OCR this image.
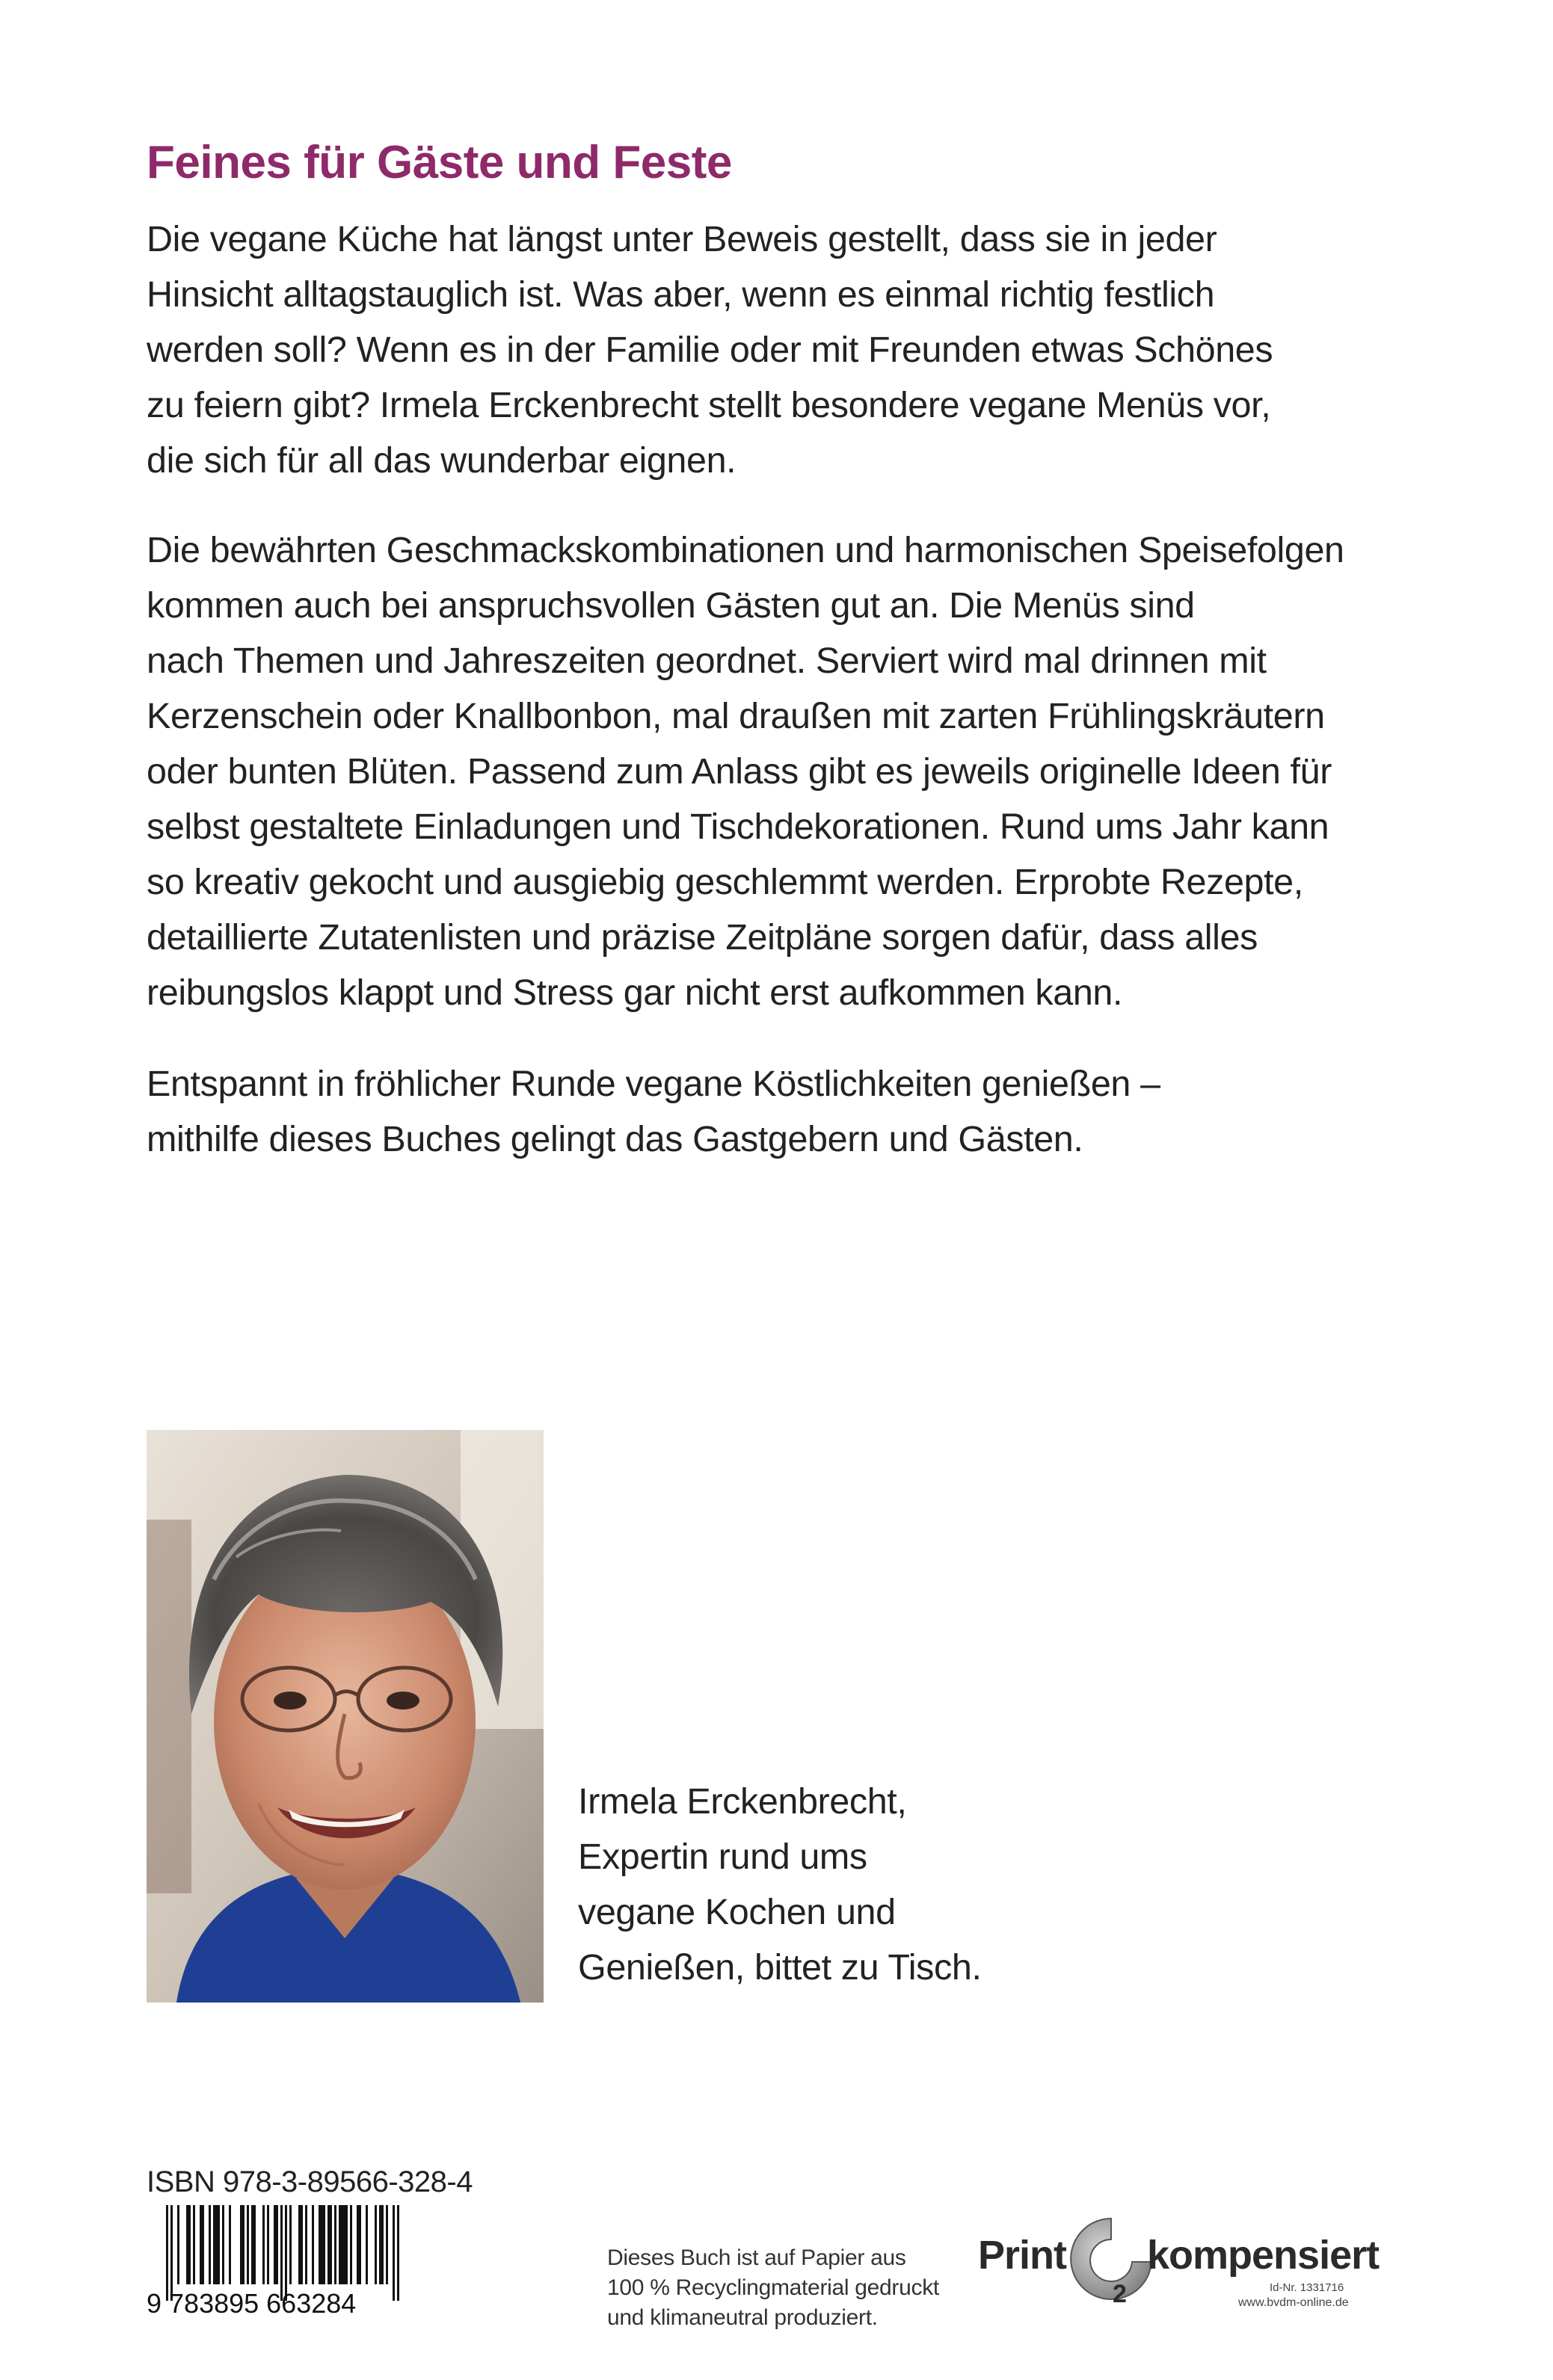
Feines für Gäste und Feste

Die vegane Küche hat längst unter Beweis gestellt, dass sie in jeder
Hinsicht alltagstauglich ist. Was aber, wenn es einmal richtig festlich
werden soll? Wenn es in der Familie oder mit Freunden etwas Schönes
zu feiern gibt? Irmela Erckenbrecht stellt besondere vegane Menüs vor,
die sich für all das wunderbar eignen.

Die bewährten Geschmackskombinationen und harmonischen Speisefolgen
kommen auch bei anspruchsvollen Gästen gut an. Die Menüs sind
nach Themen und Jahreszeiten geordnet. Serviert wird mal drinnen mit
Kerzenschein oder Knallbonbon, mal draußen mit zarten Frühlingskräutern
oder bunten Blüten. Passend zum Anlass gibt es jeweils originelle Ideen für
selbst gestaltete Einladungen und Tischdekorationen. Rund ums Jahr kann
so kreativ gekocht und ausgiebig geschlemmt werden. Erprobte Rezepte,
detaillierte Zutatenlisten und präzise Zeitpläne sorgen dafür, dass alles
reibungslos klappt und Stress gar nicht erst aufkommen kann.

Entspannt in fröhlicher Runde vegane Köstlichkeiten genießen –
mithilfe dieses Buches gelingt das Gastgebern und Gästen.

Irmela Erckenbrecht,
Expertin rund ums
vegane Kochen und
Genießen, bittet zu Tisch.

ISBN 978-3-89566-328-4
9 783895 663284

Dieses Buch ist auf Papier aus
100 % Recyclingmaterial gedruckt
und klimaneutral produziert.

Print
2
kompensiert
Id-Nr. 1331716
www.bvdm-online.de
